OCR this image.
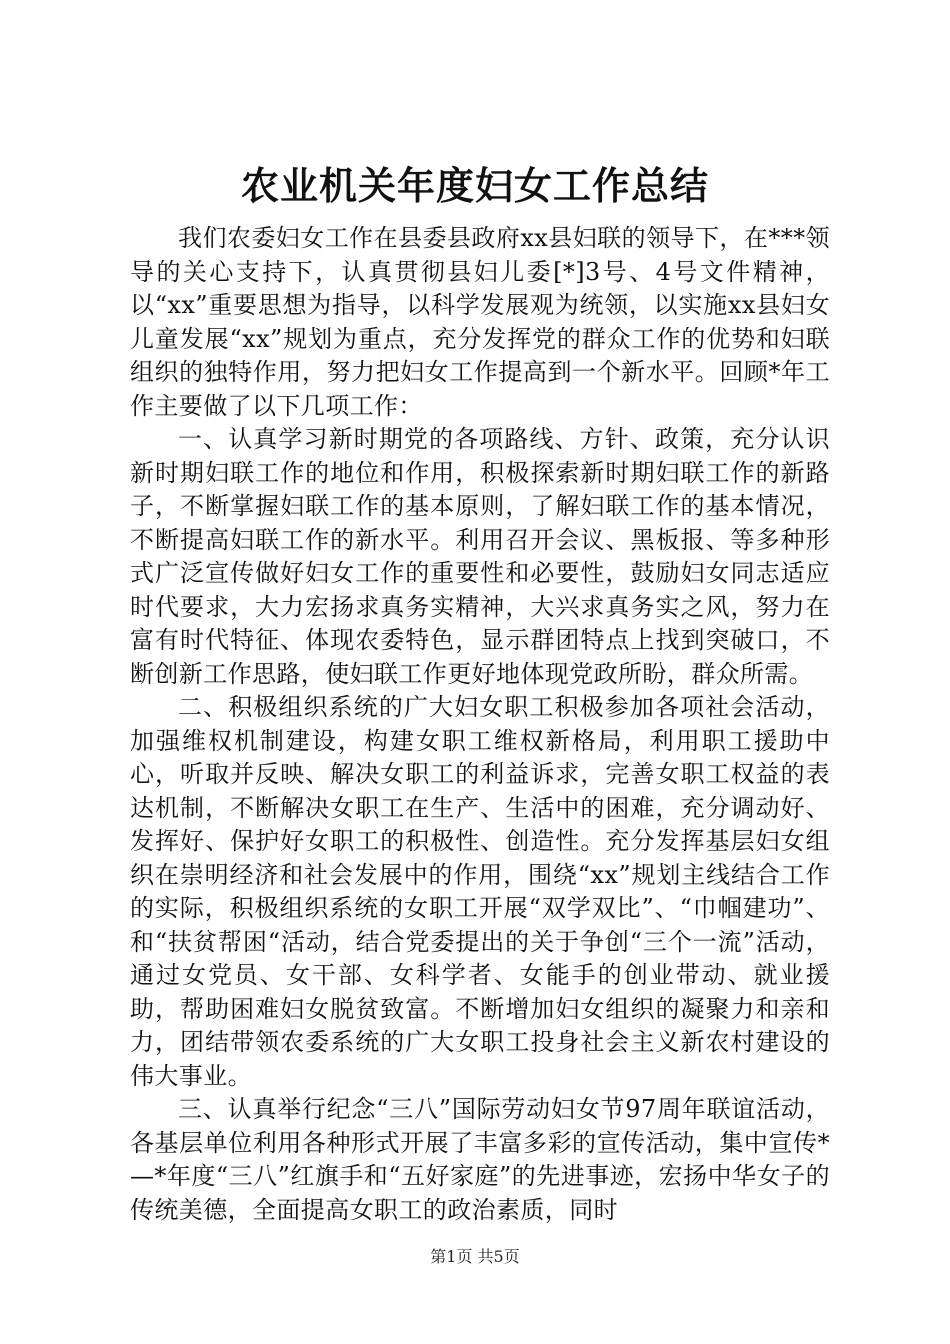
农业机关年度妇女工作总结

我们农委妇女工作在县委县政府xx县妇联的领导下，在***领导的关心支持下，认真贯彻县妇儿委[*]3号、4号文件精神，以“xx”重要思想为指导，以科学发展观为统领，以实施xx县妇女儿童发展“xx”规划为重点，充分发挥党的群众工作的优势和妇联组织的独特作用，努力把妇女工作提高到一个新水平。回顾*年工作主要做了以下几项工作：

一、认真学习新时期党的各项路线、方针、政策，充分认识新时期妇联工作的地位和作用，积极探索新时期妇联工作的新路子，不断掌握妇联工作的基本原则，了解妇联工作的基本情况，不断提高妇联工作的新水平。利用召开会议、黑板报、等多种形式广泛宣传做好妇女工作的重要性和必要性，鼓励妇女同志适应时代要求，大力宏扬求真务实精神，大兴求真务实之风，努力在富有时代特征、体现农委特色，显示群团特点上找到突破口，不断创新工作思路，使妇联工作更好地体现党政所盼，群众所需。

二、积极组织系统的广大妇女职工积极参加各项社会活动，加强维权机制建设，构建女职工维权新格局，利用职工援助中心，听取并反映、解决女职工的利益诉求，完善女职工权益的表达机制，不断解决女职工在生产、生活中的困难，充分调动好、发挥好、保护好女职工的积极性、创造性。充分发挥基层妇女组织在崇明经济和社会发展中的作用，围绕“xx”规划主线结合工作的实际，积极组织系统的女职工开展“双学双比”、“巾帼建功”、和“扶贫帮困“活动，结合党委提出的关于争创“三个一流”活动，通过女党员、女干部、女科学者、女能手的创业带动、就业援助，帮助困难妇女脱贫致富。不断增加妇女组织的凝聚力和亲和力，团结带领农委系统的广大女职工投身社会主义新农村建设的伟大事业。

三、认真举行纪念“三八”国际劳动妇女节97周年联谊活动，各基层单位利用各种形式开展了丰富多彩的宣传活动，集中宣传*—*年度“三八”红旗手和“五好家庭”的先进事迹，宏扬中华女子的传统美德，全面提高女职工的政治素质，同时

第1页 共5页
